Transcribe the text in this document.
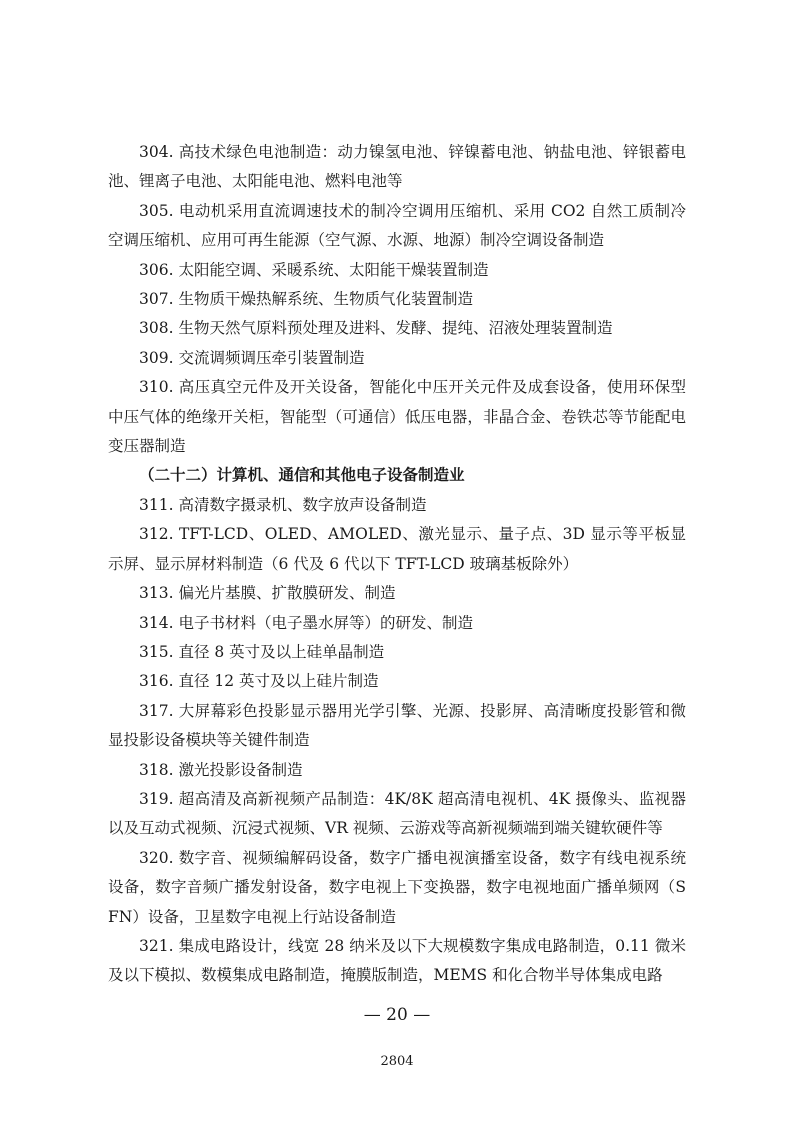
304. 高技术绿色电池制造：动力镍氢电池、锌镍蓄电池、钠盐电池、锌银蓄电池、锂离子电池、太阳能电池、燃料电池等

305. 电动机采用直流调速技术的制冷空调用压缩机、采用 CO2 自然工质制冷空调压缩机、应用可再生能源（空气源、水源、地源）制冷空调设备制造

306. 太阳能空调、采暖系统、太阳能干燥装置制造

307. 生物质干燥热解系统、生物质气化装置制造

308. 生物天然气原料预处理及进料、发酵、提纯、沼液处理装置制造

309. 交流调频调压牵引装置制造

310. 高压真空元件及开关设备，智能化中压开关元件及成套设备，使用环保型中压气体的绝缘开关柜，智能型（可通信）低压电器，非晶合金、卷铁芯等节能配电变压器制造

（二十二）计算机、通信和其他电子设备制造业

311. 高清数字摄录机、数字放声设备制造

312. TFT-LCD、OLED、AMOLED、激光显示、量子点、3D 显示等平板显示屏、显示屏材料制造（6 代及 6 代以下 TFT-LCD 玻璃基板除外）

313. 偏光片基膜、扩散膜研发、制造

314. 电子书材料（电子墨水屏等）的研发、制造

315. 直径 8 英寸及以上硅单晶制造

316. 直径 12 英寸及以上硅片制造

317. 大屏幕彩色投影显示器用光学引擎、光源、投影屏、高清晰度投影管和微显投影设备模块等关键件制造

318. 激光投影设备制造

319. 超高清及高新视频产品制造：4K/8K 超高清电视机、4K 摄像头、监视器以及互动式视频、沉浸式视频、VR 视频、云游戏等高新视频端到端关键软硬件等

320. 数字音、视频编解码设备，数字广播电视演播室设备，数字有线电视系统设备，数字音频广播发射设备，数字电视上下变换器，数字电视地面广播单频网（SFN）设备，卫星数字电视上行站设备制造

321. 集成电路设计，线宽 28 纳米及以下大规模数字集成电路制造，0.11 微米及以下模拟、数模集成电路制造，掩膜版制造，MEMS 和化合物半导体集成电路

— 20 —
2804
